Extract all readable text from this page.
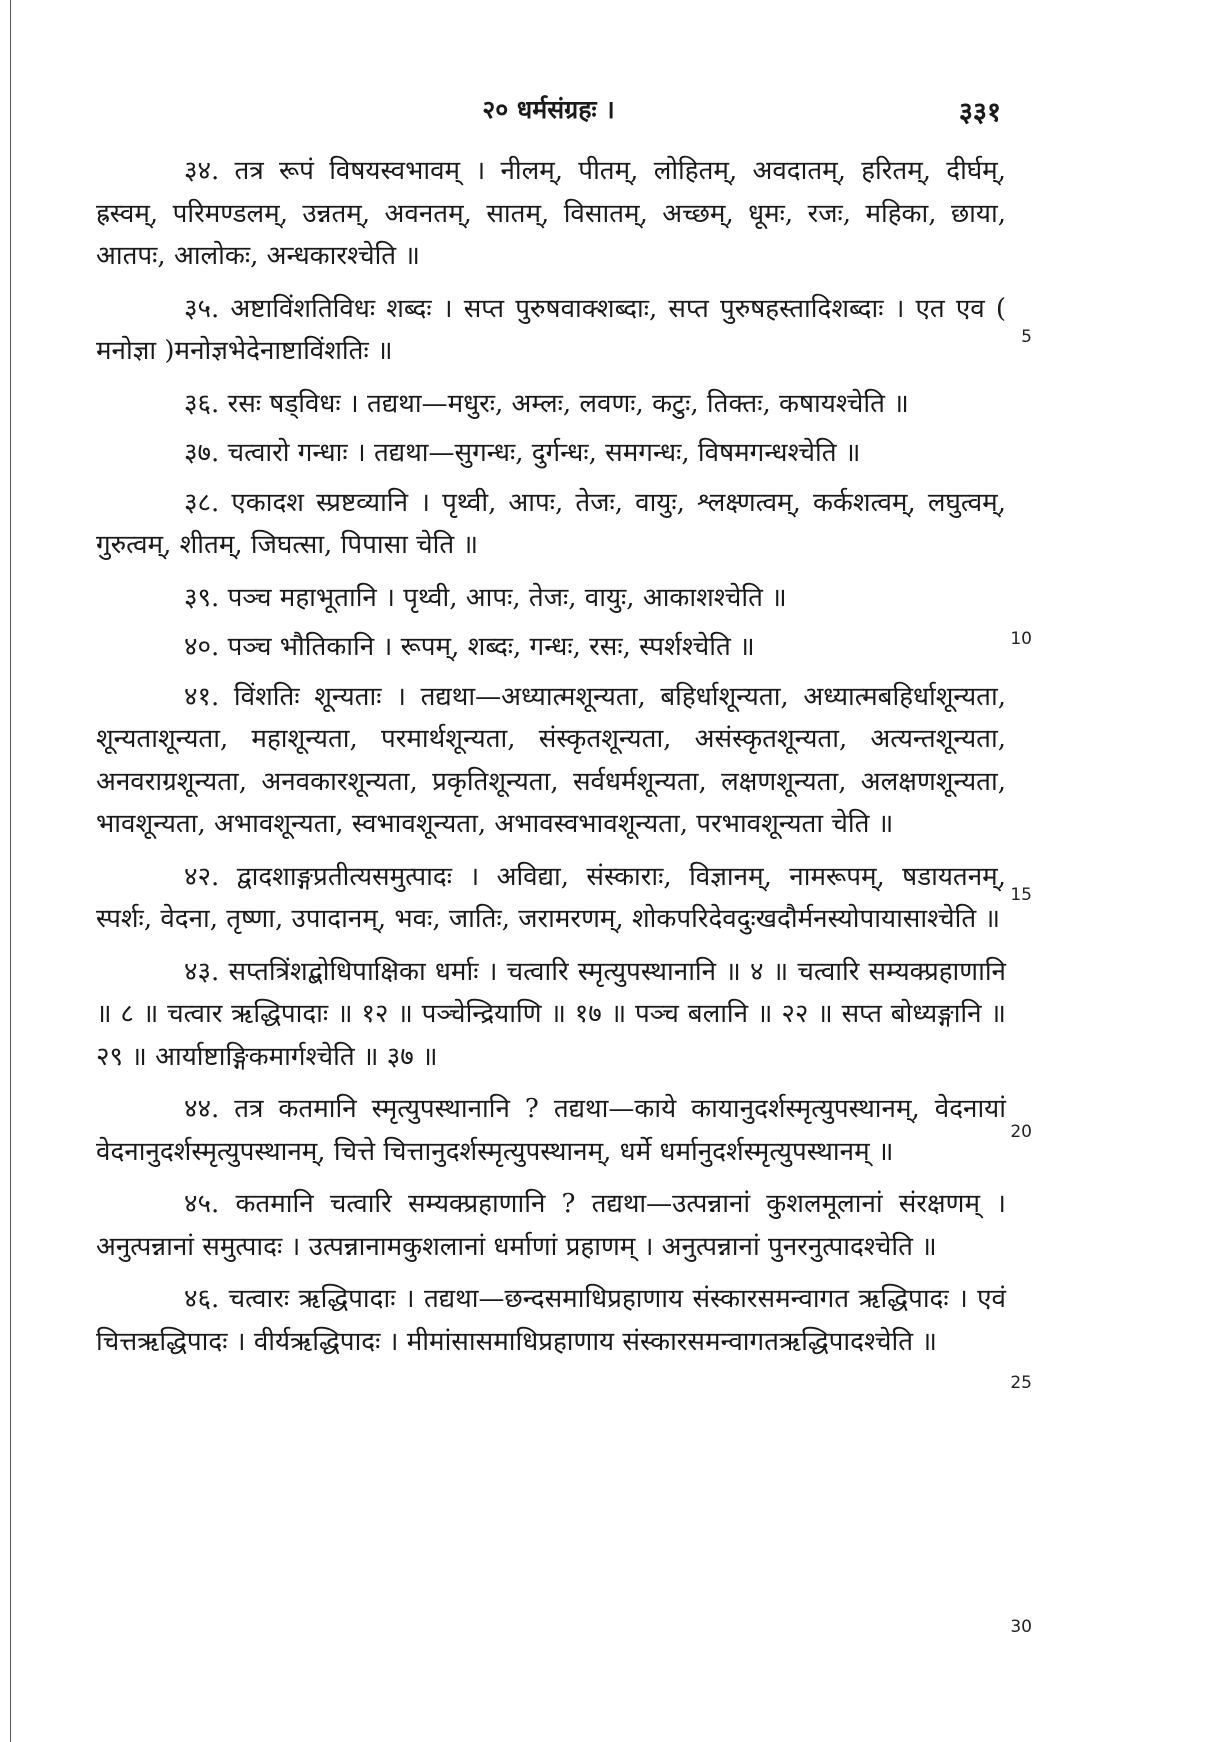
२० धर्मसंग्रहः ।	३३१

३४. तत्र रूपं विषयस्वभावम् । नीलम्, पीतम्, लोहितम्, अवदातम्, हरितम्, दीर्घम्, ह्रस्वम्, परिमण्डलम्, उन्नतम्, अवनतम्, सातम्, विसातम्, अच्छम्, धूमः, रजः, महिका, छाया, आतपः, आलोकः, अन्धकारश्चेति ॥

३५. अष्टाविंशतिविधः शब्दः । सप्त पुरुषवाक्शब्दाः, सप्त पुरुषहस्तादिशब्दाः । एत एव ( मनोज्ञा )मनोज्ञभेदेनाष्टाविंशतिः ॥

३६. रसः षड्विधः । तद्यथा—मधुरः, अम्लः, लवणः, कटुः, तिक्तः, कषायश्चेति ॥

३७. चत्वारो गन्धाः । तद्यथा—सुगन्धः, दुर्गन्धः, समगन्धः, विषमगन्धश्चेति ॥

३८. एकादश स्प्रष्टव्यानि । पृथ्वी, आपः, तेजः, वायुः, श्लक्ष्णत्वम्, कर्कशत्वम्, लघुत्वम्, गुरुत्वम्, शीतम्, जिघत्सा, पिपासा चेति ॥

३९. पञ्च महाभूतानि । पृथ्वी, आपः, तेजः, वायुः, आकाशश्चेति ॥

४०. पञ्च भौतिकानि । रूपम्, शब्दः, गन्धः, रसः, स्पर्शश्चेति ॥

४१. विंशतिः शून्यताः । तद्यथा—अध्यात्मशून्यता, बहिर्धाशून्यता, अध्यात्मबहिर्धाशून्यता, शून्यताशून्यता, महाशून्यता, परमार्थशून्यता, संस्कृतशून्यता, असंस्कृतशून्यता, अत्यन्तशून्यता, अनवराग्रशून्यता, अनवकारशून्यता, प्रकृतिशून्यता, सर्वधर्मशून्यता, लक्षणशून्यता, अलक्षणशून्यता, भावशून्यता, अभावशून्यता, स्वभावशून्यता, अभावस्वभावशून्यता, परभावशून्यता चेति ॥

४२. द्वादशाङ्गप्रतीत्यसमुत्पादः । अविद्या, संस्काराः, विज्ञानम्, नामरूपम्, षडायतनम्, स्पर्शः, वेदना, तृष्णा, उपादानम्, भवः, जातिः, जरामरणम्, शोकपरिदेवदुःखदौर्मनस्योपायासाश्चेति ॥

४३. सप्तत्रिंशद्बोधिपाक्षिका धर्माः । चत्वारि स्मृत्युपस्थानानि ॥ ४ ॥ चत्वारि सम्यक्प्रहाणानि ॥ ८ ॥ चत्वार ऋद्धिपादाः ॥ १२ ॥ पञ्चेन्द्रियाणि ॥ १७ ॥ पञ्च बलानि ॥ २२ ॥ सप्त बोध्यङ्गानि ॥ २९ ॥ आर्याष्टाङ्गिकमार्गश्चेति ॥ ३७ ॥

४४. तत्र कतमानि स्मृत्युपस्थानानि ? तद्यथा—काये कायानुदर्शस्मृत्युपस्थानम्, वेदनायां वेदनानुदर्शस्मृत्युपस्थानम्, चित्ते चित्तानुदर्शस्मृत्युपस्थानम्, धर्मे धर्मानुदर्शस्मृत्युपस्थानम् ॥

४५. कतमानि चत्वारि सम्यक्प्रहाणानि ? तद्यथा—उत्पन्नानां कुशलमूलानां संरक्षणम् । अनुत्पन्नानां समुत्पादः । उत्पन्नानामकुशलानां धर्माणां प्रहाणम् । अनुत्पन्नानां पुनरनुत्पादश्चेति ॥

४६. चत्वारः ऋद्धिपादाः । तद्यथा—छन्दसमाधिप्रहाणाय संस्कारसमन्वागत ऋद्धिपादः । एवं चित्तऋद्धिपादः । वीर्यऋद्धिपादः । मीमांसासमाधिप्रहाणाय संस्कारसमन्वागतऋद्धिपादश्चेति ॥

5
10
15
20
25
30
